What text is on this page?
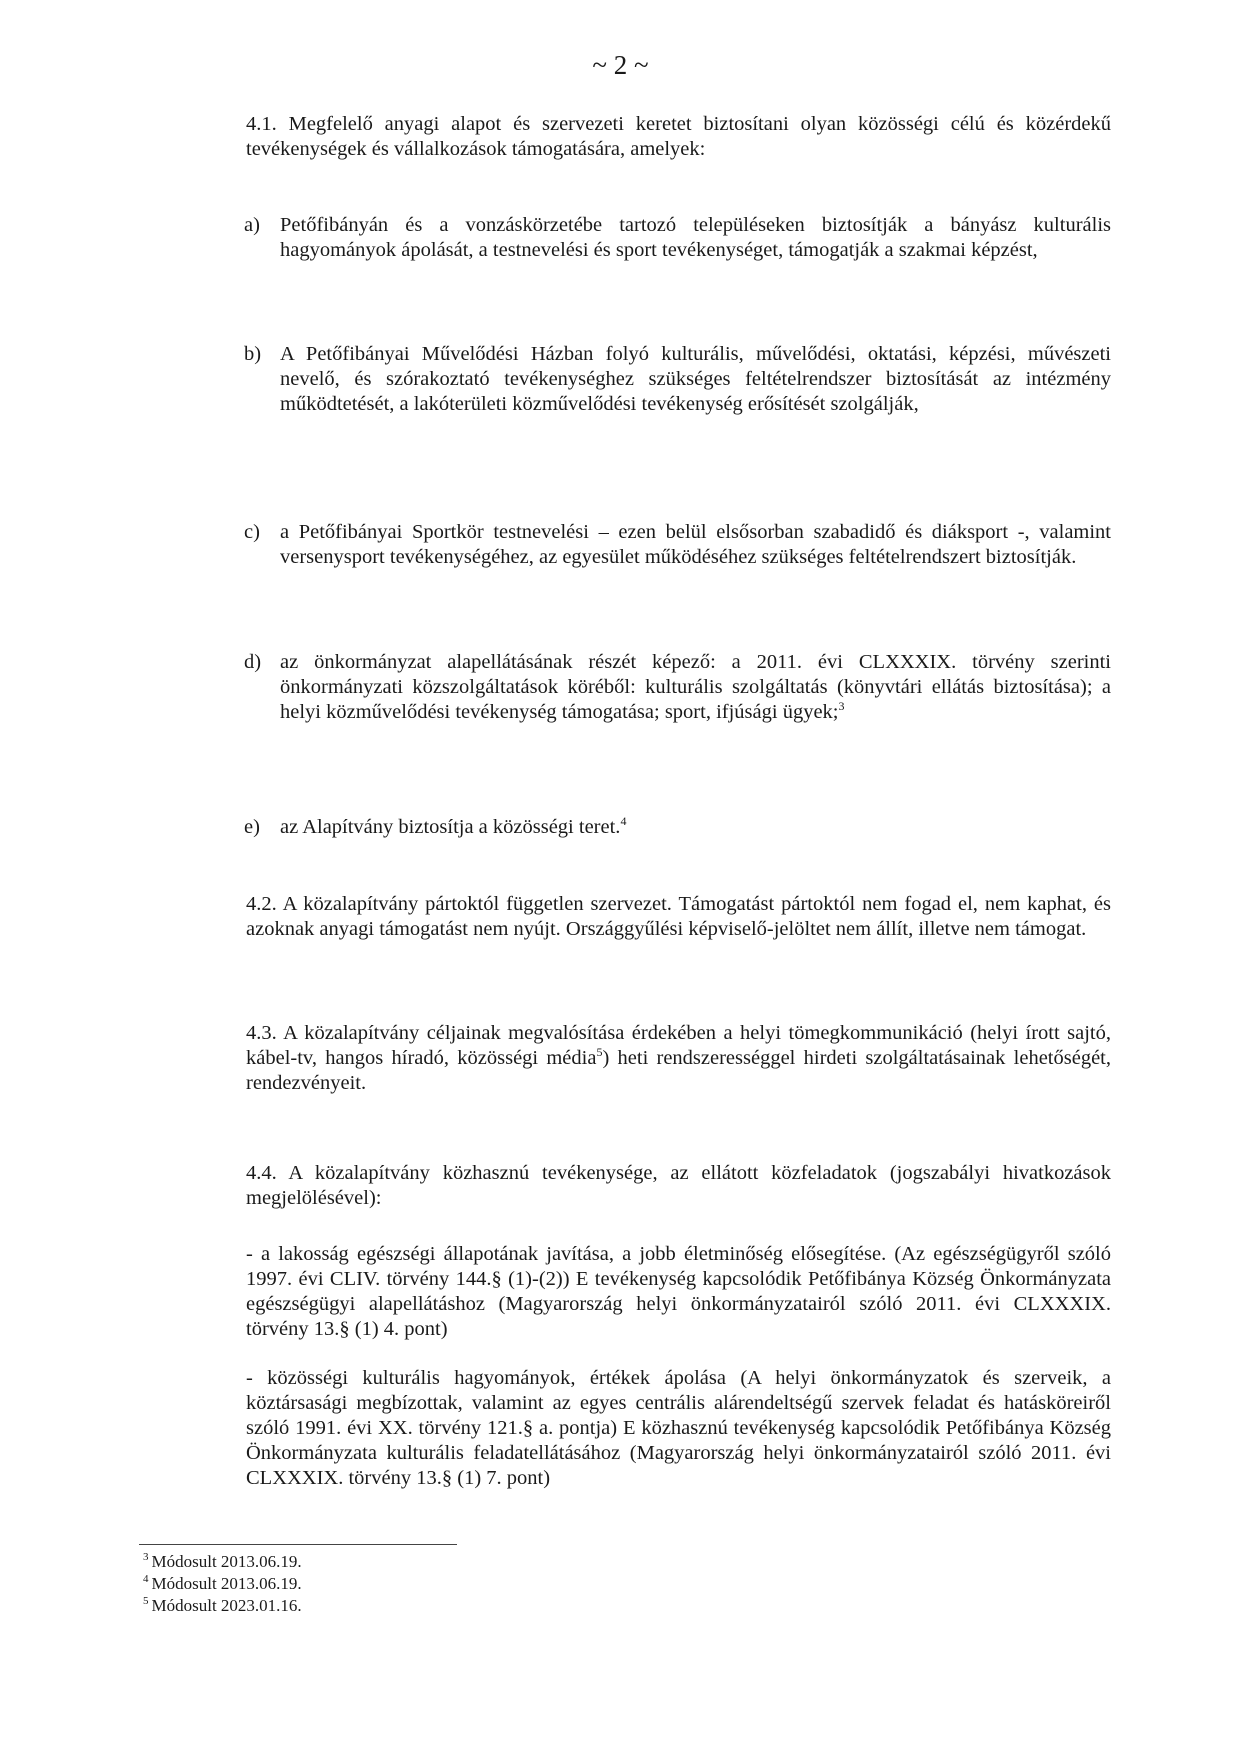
~ 2 ~
4.1. Megfelelő anyagi alapot és szervezeti keretet biztosítani olyan közösségi célú és közérdekű tevékenységek és vállalkozások támogatására, amelyek:
a) Petőfibányán és a vonzáskörzetébe tartozó településeken biztosítják a bányász kulturális hagyományok ápolását, a testnevelési és sport tevékenységet, támogatják a szakmai képzést,
b) A Petőfibányai Művelődési Házban folyó kulturális, művelődési, oktatási, képzési, művészeti nevelő, és szórakoztató tevékenységhez szükséges feltételrendszer biztosítását az intézmény működtetését, a lakóterületi közművelődési tevékenység erősítését szolgálják,
c) a Petőfibányai Sportkör testnevelési – ezen belül elsősorban szabadidő és diáksport -, valamint versenysport tevékenységéhez, az egyesület működéséhez szükséges feltételrendszert biztosítják.
d) az önkormányzat alapellátásának részét képező: a 2011. évi CLXXXIX. törvény szerinti önkormányzati közszolgáltatások köréből: kulturális szolgáltatás (könyvtári ellátás biztosítása); a helyi közművelődési tevékenység támogatása; sport, ifjúsági ügyek;$^3$
e) az Alapítvány biztosítja a közösségi teret.$^4$
4.2. A közalapítvány pártoktól független szervezet. Támogatást pártoktól nem fogad el, nem kaphat, és azoknak anyagi támogatást nem nyújt. Országgyűlési képviselő-jelöltet nem állít, illetve nem támogat.
4.3. A közalapítvány céljainak megvalósítása érdekében a helyi tömegkommunikáció (helyi írott sajtó, kábel-tv, hangos híradó, közösségi média$^5$) heti rendszerességgel hirdeti szolgáltatásainak lehetőségét, rendezvényeit.
4.4. A közalapítvány közhasznú tevékenysége, az ellátott közfeladatok (jogszabályi hivatkozások megjelölésével):
- a lakosság egészségi állapotának javítása, a jobb életminőség elősegítése. (Az egészségügyről szóló 1997. évi CLIV. törvény 144.§ (1)-(2)) E tevékenység kapcsolódik Petőfibánya Község Önkormányzata egészségügyi alapellátáshoz (Magyarország helyi önkormányzatairól szóló 2011. évi CLXXXIX. törvény 13.§ (1) 4. pont)
- közösségi kulturális hagyományok, értékek ápolása (A helyi önkormányzatok és szerveik, a köztársasági megbízottak, valamint az egyes centrális alárendeltségű szervek feladat és hatásköreiről szóló 1991. évi XX. törvény 121.§ a. pontja) E közhasznú tevékenység kapcsolódik Petőfibánya Község Önkormányzata kulturális feladatellátásához (Magyarország helyi önkormányzatairól szóló 2011. évi CLXXXIX. törvény 13.§ (1) 7. pont)
$^3$ Módosult 2013.06.19.
$^4$ Módosult 2013.06.19.
$^5$ Módosult 2023.01.16.
